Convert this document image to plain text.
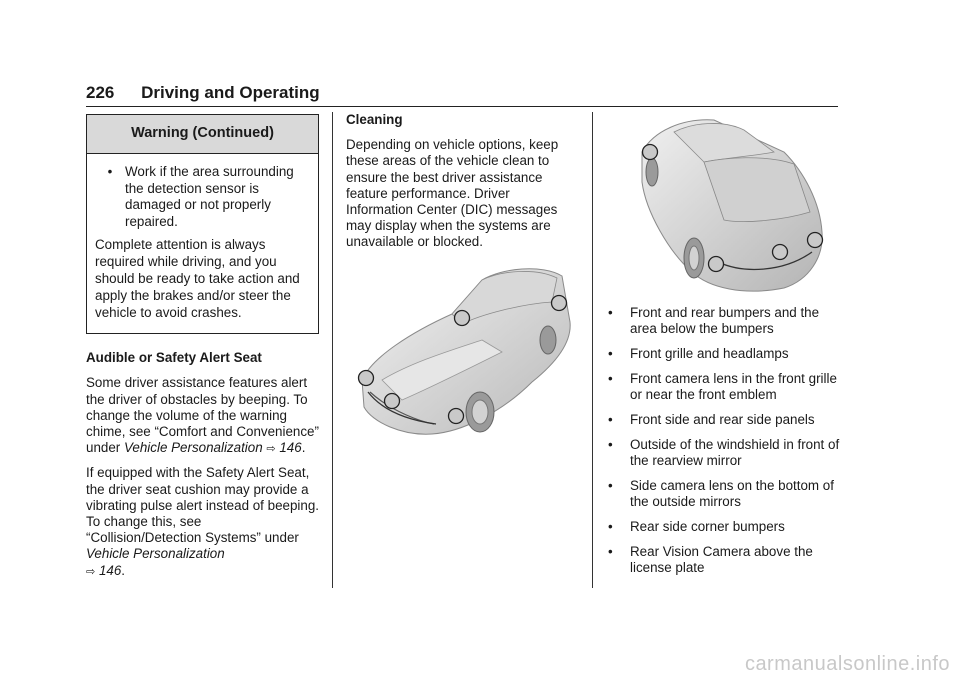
226 Driving and Operating
Warning (Continued)
• Work if the area surrounding the detection sensor is damaged or not properly repaired.

Complete attention is always required while driving, and you should be ready to take action and apply the brakes and/or steer the vehicle to avoid crashes.

Audible or Safety Alert Seat

Some driver assistance features alert the driver of obstacles by beeping. To change the volume of the warning chime, see “Comfort and Convenience” under Vehicle Personalization ⇨ 146.

If equipped with the Safety Alert Seat, the driver seat cushion may provide a vibrating pulse alert instead of beeping. To change this, see “Collision/Detection Systems” under Vehicle Personalization
⇨ 146.

Cleaning

Depending on vehicle options, keep these areas of the vehicle clean to ensure the best driver assistance feature performance. Driver Information Center (DIC) messages may display when the systems are unavailable or blocked.

•	Front and rear bumpers and the area below the bumpers
•	Front grille and headlamps
•	Front camera lens in the front grille or near the front emblem
•	Front side and rear side panels
•	Outside of the windshield in front of the rearview mirror
•	Side camera lens on the bottom of the outside mirrors
•	Rear side corner bumpers
•	Rear Vision Camera above the license plate
carmanualsonline.info
